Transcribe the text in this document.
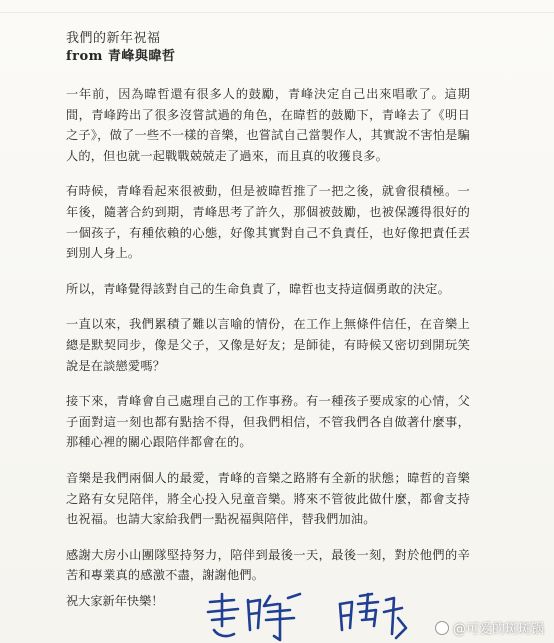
我們的新年祝福
from 青峰與暐哲

一年前，因為暐哲還有很多人的鼓勵，青峰決定自己出來唱歌了。這期間，青峰跨出了很多沒嘗試過的角色，在暐哲的鼓勵下，青峰去了《明日之子》，做了一些不一樣的音樂，也嘗試自己當製作人，其實說不害怕是騙人的，但也就一起戰戰兢兢走了過來，而且真的收獲良多。

有時候，青峰看起來很被動，但是被暐哲推了一把之後，就會很積極。一年後，隨著合約到期，青峰思考了許久，那個被鼓勵，也被保護得很好的一個孩子，有種依賴的心態，好像其實對自己不負責任，也好像把責任丟到別人身上。

所以，青峰覺得該對自己的生命負責了，暐哲也支持這個勇敢的決定。

一直以來，我們累積了難以言喻的情份，在工作上無條件信任，在音樂上總是默契同步，像是父子，又像是好友；是師徒，有時候又密切到開玩笑說是在談戀愛嗎？

接下來，青峰會自己處理自己的工作事務。有一種孩子要成家的心情，父子面對這一刻也都有點捨不得，但我們相信，不管我們各自做著什麼事，那種心裡的關心跟陪伴都會在的。

音樂是我們兩個人的最愛，青峰的音樂之路將有全新的狀態；暐哲的音樂之路有女兒陪伴，將全心投入兒童音樂。將來不管彼此做什麼，都會支持也祝福。也請大家給我們一點祝福與陪伴，替我們加油。

感謝大房小山團隊堅持努力，陪伴到最後一天，最後一刻，對於他們的辛苦和專業真的感激不盡，謝謝他們。

祝大家新年快樂！
@可爱的斑斑锅
